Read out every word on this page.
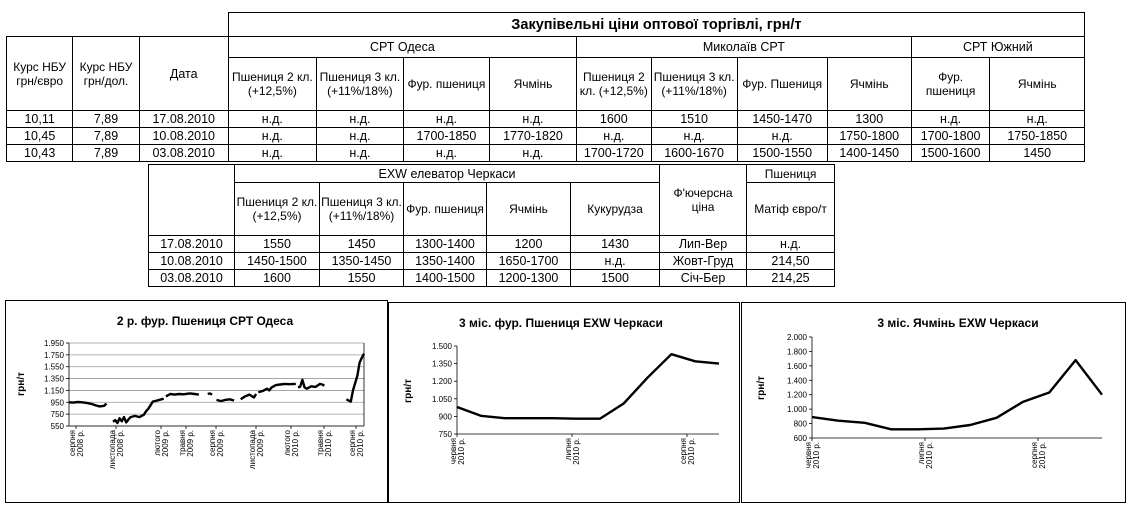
			Закупівельні ціни оптової торгівлі, грн/т									
Курс НБУ грн/євро	Курс НБУ грн/дол.	Дата	СРТ Одеса				Миколаїв СРТ				СРТ Южний	
			Пшениця 2 кл. (+12,5%)	Пшениця 3 кл. (+11%/18%)	Фур. пшениця	Ячмінь	Пшениця 2 кл. (+12,5%)	Пшениця 3 кл. (+11%/18%)	Фур. Пшениця	Ячмінь	Фур. пшениця	Ячмінь
10,11	7,89	17.08.2010	н.д.	н.д.	н.д.	н.д.	1600	1510	1450-1470	1300	н.д.	н.д.
10,45	7,89	10.08.2010	н.д.	н.д.	1700-1850	1770-1820	н.д.	н.д.	н.д.	1750-1800	1700-1800	1750-1850
10,43	7,89	03.08.2010	н.д.	н.д.	н.д.	н.д.	1700-1720	1600-1670	1500-1550	1400-1450	1500-1600	1450
	EXW елеватор Черкаси					Ф'ючерсна ціна	Пшениця
	Пшениця 2 кл. (+12,5%)	Пшениця 3 кл. (+11%/18%)	Фур. пшениця	Ячмінь	Кукурудза		Матіф євро/т
17.08.2010	1550	1450	1300-1400	1200	1430	Лип-Вер	н.д.
10.08.2010	1450-1500	1350-1450	1350-1400	1650-1700	н.д.	Жовт-Груд	214,50
03.08.2010	1600	1550	1400-1500	1200-1300	1500	Січ-Бер	214,25
2 р. фур. Пшениця СРТ Одеса
грн/т
550
750
950
1.150
1.350
1.550
1.750
1.950
серпня2008 р.	листопада2008 р.	лютого2009 р. травня2009 р. серпня2009 р.	листопада2009 р. лютого2010 р. травня2010 р. серпня2010 р.
3 міс. фур. Пшениця EXW Черкаси
грн/т
750
900
1.050
1.200
1.350
1.500
червня2010 р.	липня2010 р.	серпня2010 р.
3 міс. Ячмінь EXW Черкаси
грн/т
600
800
1.000
1.200
1.400
1.600
1.800
2.000
червня2010 р.	липня2010 р.	серпня2010 р.
